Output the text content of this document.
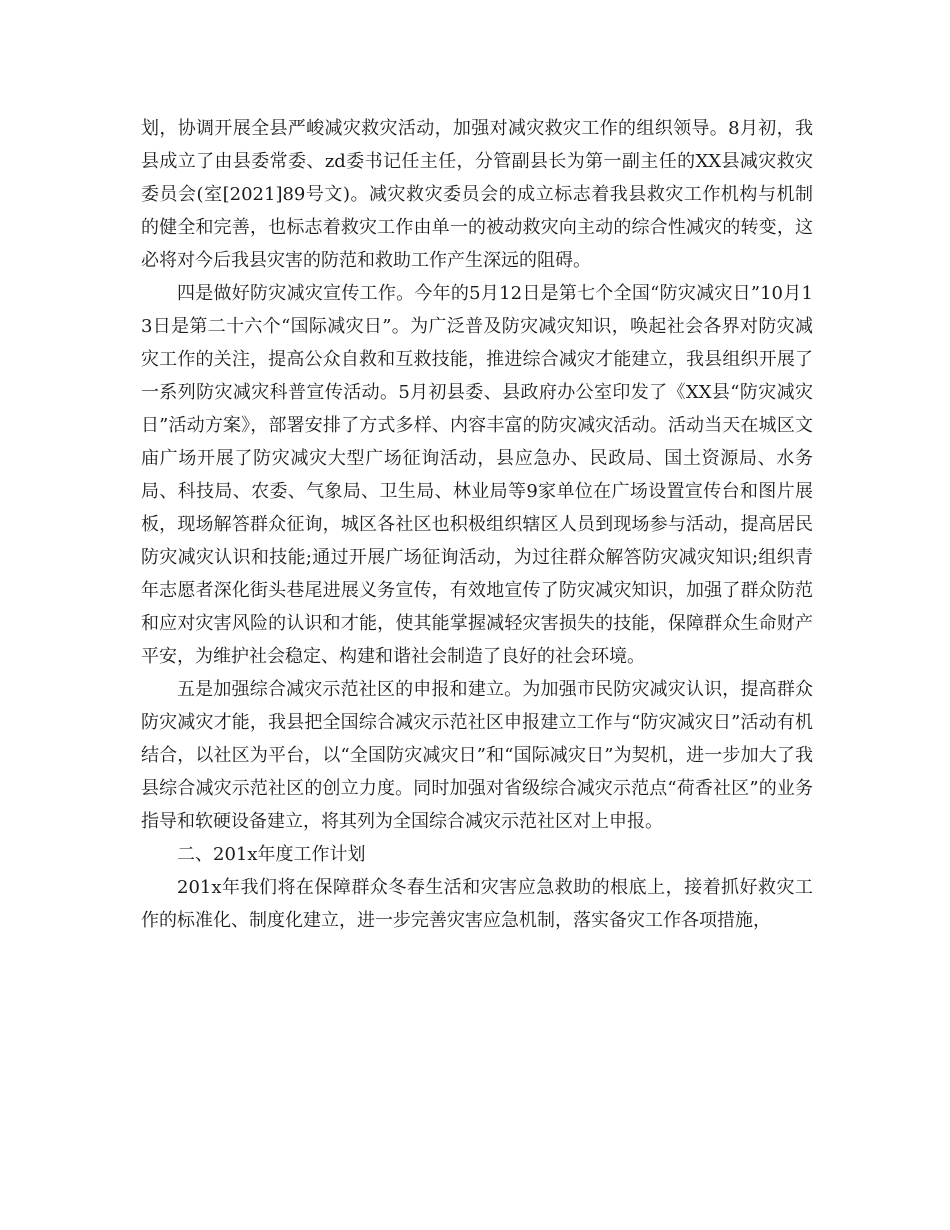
划，协调开展全县严峻减灾救灾活动，加强对减灾救灾工作的组织领导。8月初，我县成立了由县委常委、zd委书记任主任，分管副县长为第一副主任的XX县减灾救灾委员会(室[2021]89号文)。减灾救灾委员会的成立标志着我县救灾工作机构与机制的健全和完善，也标志着救灾工作由单一的被动救灾向主动的综合性减灾的转变，这必将对今后我县灾害的防范和救助工作产生深远的阻碍。

四是做好防灾减灾宣传工作。今年的5月12日是第七个全国“防灾减灾日”10月13日是第二十六个“国际减灾日”。为广泛普及防灾减灾知识，唤起社会各界对防灾减灾工作的关注，提高公众自救和互救技能，推进综合减灾才能建立，我县组织开展了一系列防灾减灾科普宣传活动。5月初县委、县政府办公室印发了《XX县“防灾减灾日”活动方案》，部署安排了方式多样、内容丰富的防灾减灾活动。活动当天在城区文庙广场开展了防灾减灾大型广场征询活动，县应急办、民政局、国土资源局、水务局、科技局、农委、气象局、卫生局、林业局等9家单位在广场设置宣传台和图片展板，现场解答群众征询，城区各社区也积极组织辖区人员到现场参与活动，提高居民防灾减灾认识和技能;通过开展广场征询活动，为过往群众解答防灾减灾知识;组织青年志愿者深化街头巷尾进展义务宣传，有效地宣传了防灾减灾知识，加强了群众防范和应对灾害风险的认识和才能，使其能掌握减轻灾害损失的技能，保障群众生命财产平安，为维护社会稳定、构建和谐社会制造了良好的社会环境。

五是加强综合减灾示范社区的申报和建立。为加强市民防灾减灾认识，提高群众防灾减灾才能，我县把全国综合减灾示范社区申报建立工作与“防灾减灾日”活动有机结合，以社区为平台，以“全国防灾减灾日”和“国际减灾日”为契机，进一步加大了我县综合减灾示范社区的创立力度。同时加强对省级综合减灾示范点“荷香社区”的业务指导和软硬设备建立，将其列为全国综合减灾示范社区对上申报。

二、201x年度工作计划

201x年我们将在保障群众冬春生活和灾害应急救助的根底上，接着抓好救灾工作的标准化、制度化建立，进一步完善灾害应急机制，落实备灾工作各项措施，
